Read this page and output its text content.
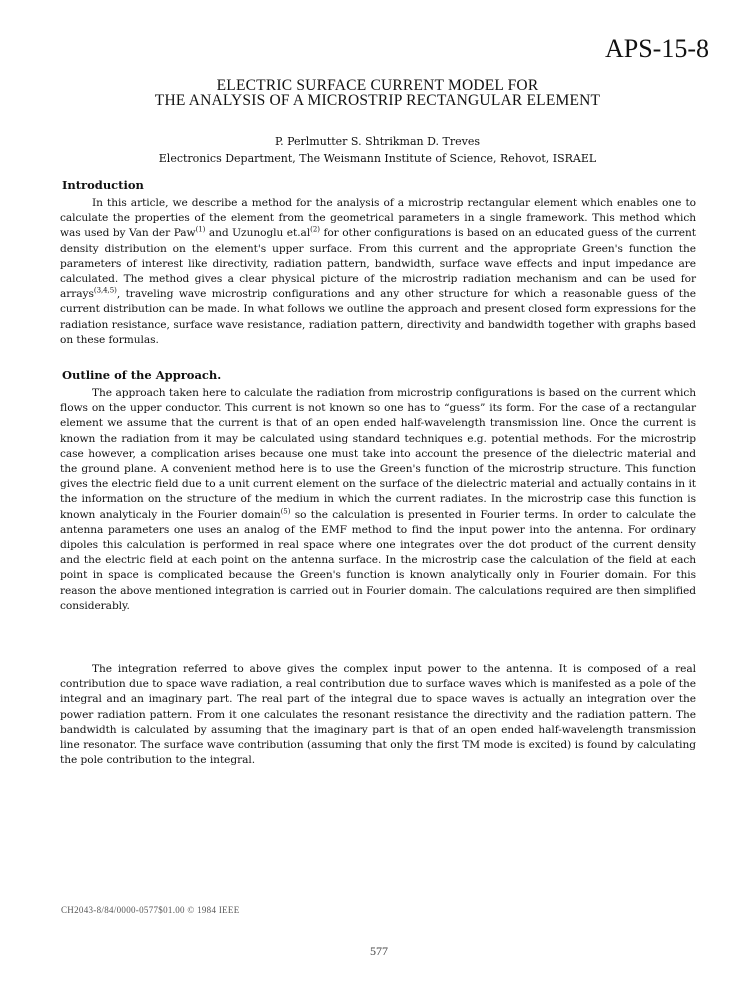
APS-15-8
ELECTRIC SURFACE CURRENT MODEL FOR
THE ANALYSIS OF A MICROSTRIP RECTANGULAR ELEMENT
P. Perlmutter S. Shtrikman D. Treves
Electronics Department, The Weismann Institute of Science, Rehovot, ISRAEL
Introduction
In this article, we describe a method for the analysis of a microstrip rectangular element which enables one to calculate the properties of the element from the geometrical parameters in a single framework. This method which was used by Van der Paw$^{(1)}$ and Uzunoglu $et.al^{(2)}$ for other configurations is based on an educated guess of the current density distribution on the element's upper surface. From this current and the appropriate Green's function the parameters of interest like directivity, radiation pattern, bandwidth, surface wave effects and input impedance are calculated. The method gives a clear physical picture of the microstrip radiation mechanism and can be used for arrays$^{(3,4,5)}$, traveling wave microstrip configurations and any other structure for which a reasonable guess of the current distribution can be made. In what follows we outline the approach and present closed form expressions for the radiation resistance, surface wave resistance, radiation pattern, directivity and bandwidth together with graphs based on these formulas.
Outline of the Approach.
The approach taken here to calculate the radiation from microstrip configurations is based on the current which flows on the upper conductor. This current is not known so one has to “guess” its form. For the case of a rectangular element we assume that the current is that of an open ended half-wavelength transmission line. Once the current is known the radiation from it may be calculated using standard techniques e.g. potential methods. For the microstrip case however, a complication arises because one must take into account the presence of the dielectric material and the ground plane. A convenient method here is to use the Green's function of the microstrip structure. This function gives the electric field due to a unit current element on the surface of the dielectric material and actually contains in it the information on the structure of the medium in which the current radiates. In the microstrip case this function is known analyticaly in the Fourier domain$^{(5)}$ so the calculation is presented in Fourier terms. In order to calculate the antenna parameters one uses an analog of the EMF method to find the input power into the antenna. For ordinary dipoles this calculation is performed in real space where one integrates over the dot product of the current density and the electric field at each point on the antenna surface. In the microstrip case the calculation of the field at each point in space is complicated because the Green's function is known analytically only in Fourier domain. For this reason the above mentioned integration is carried out in Fourier domain. The calculations required are then simplified considerably.
The integration referred to above gives the complex input power to the antenna. It is composed of a real contribution due to space wave radiation, a real contribution due to surface waves which is manifested as a pole of the integral and an imaginary part. The real part of the integral due to space waves is actually an integration over the power radiation pattern. From it one calculates the resonant resistance the directivity and the radiation pattern. The bandwidth is calculated by assuming that the imaginary part is that of an open ended half-wavelength transmission line resonator. The surface wave contribution (assuming that only the first TM mode is excited) is found by calculating the pole contribution to the integral.
CH2043-8/84/0000-0577$01.00 © 1984 IEEE
577
